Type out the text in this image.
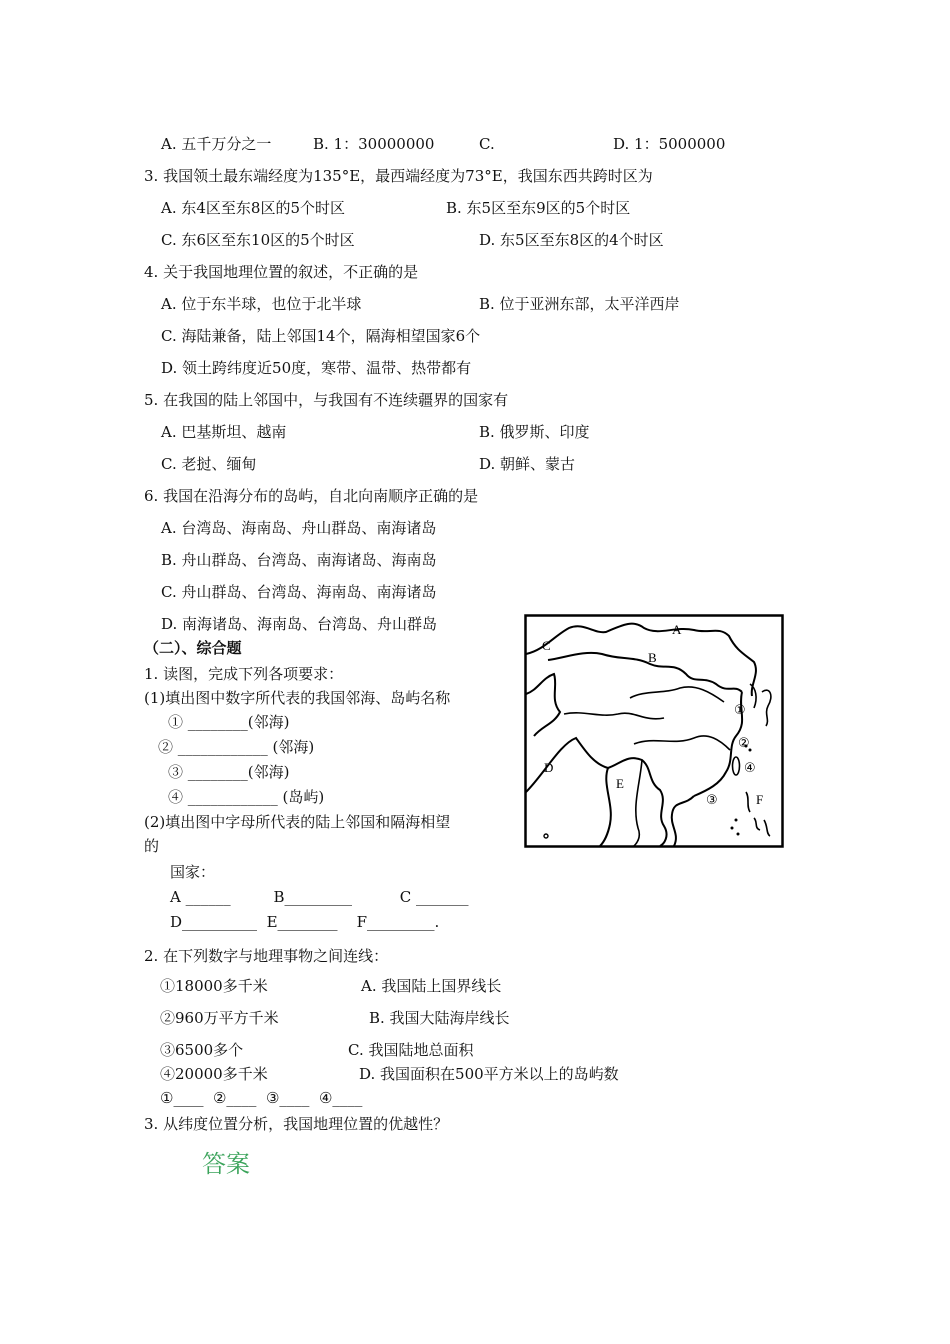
A. 五千万分之一	B. 1：30000000	C.	D. 1：5000000
3. 我国领土最东端经度为135°E，最西端经度为73°E，我国东西共跨时区为
A. 东4区至东8区的5个时区	B. 东5区至东9区的5个时区
C. 东6区至东10区的5个时区	D. 东5区至东8区的4个时区
4. 关于我国地理位置的叙述，不正确的是
A. 位于东半球，也位于北半球	B. 位于亚洲东部，太平洋西岸
C. 海陆兼备，陆上邻国14个，隔海相望国家6个
D. 领土跨纬度近50度，寒带、温带、热带都有
5. 在我国的陆上邻国中，与我国有不连续疆界的国家有
A. 巴基斯坦、越南	B. 俄罗斯、印度
C. 老挝、缅甸	D. 朝鲜、蒙古
6. 我国在沿海分布的岛屿，自北向南顺序正确的是
A. 台湾岛、海南岛、舟山群岛、南海诸岛
B. 舟山群岛、台湾岛、南海诸岛、海南岛
C. 舟山群岛、台湾岛、海南岛、南海诸岛
D. 南海诸岛、海南岛、台湾岛、舟山群岛
（二）、综合题
1. 读图，完成下列各项要求：
(1)填出图中数字所代表的我国邻海、岛屿名称
① ________(邻海)
② ____________ (邻海)
③ ________(邻海)
④ ____________ (岛屿)
(2)填出图中字母所代表的陆上邻国和隔海相望
的
国家：
A ______         B_________          C _______
D__________  E________    F_________.
A
B
C
D
E
F
①
②
③
④
2. 在下列数字与地理事物之间连线：
①18000多千米	A. 我国陆上国界线长
②960万平方千米	B. 我国大陆海岸线长
③6500多个	C. 我国陆地总面积
④20000多千米	D. 我国面积在500平方米以上的岛屿数
①____  ②____  ③____  ④____
3. 从纬度位置分析，我国地理位置的优越性？
答案
